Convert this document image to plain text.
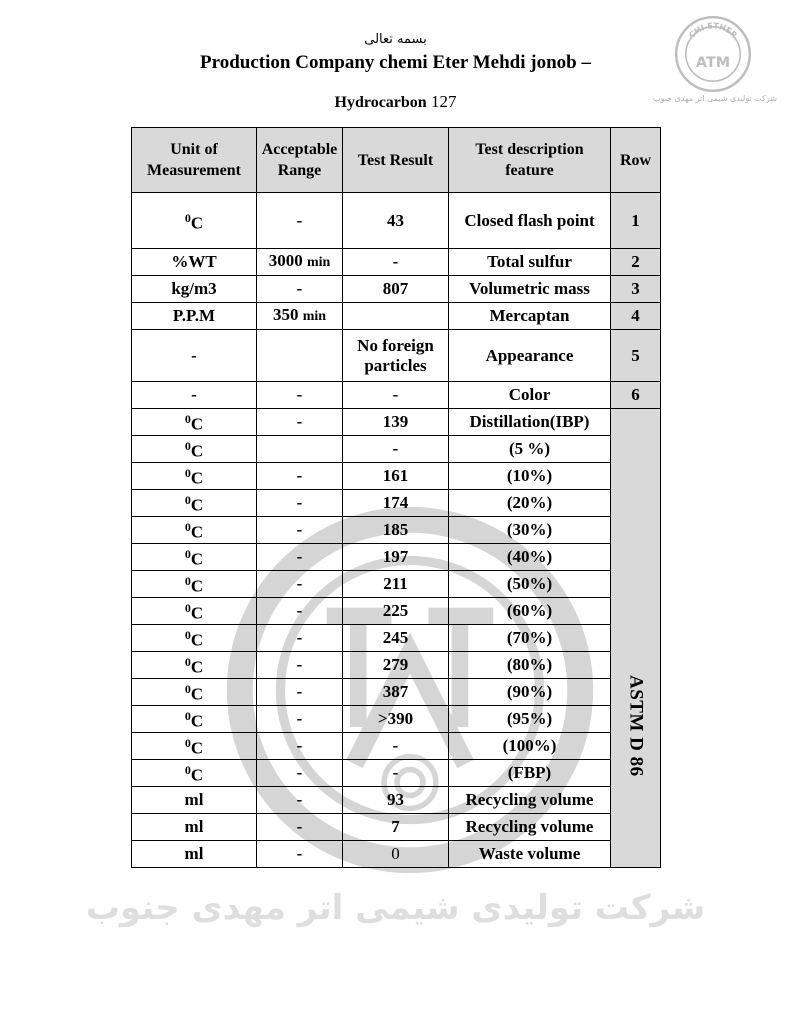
CHI ETHER
ATM
شرکت تولیدی شیمی اتر مهدی جنوب
بسمه تعالی
Production Company chemi Eter Mehdi jonob –
Hydrocarbon 127
Unit of Measurement	Acceptable Range	Test Result	Test description feature	Row
$^0$C	-	43	Closed flash point	1
%WT	3000 min	-	Total sulfur	2
kg/m3	-	807	Volumetric mass	3
P.P.M	350 min		Mercaptan	4
-		No foreign particles	Appearance	5
-	-	-	Color	6
$^0$C	-	139	Distillation(IBP)	ASTM D 86

$^0$C		-	(5 %)	
$^0$C	-	161	(10%)	
$^0$C	-	174	(20%)	
$^0$C	-	185	(30%)	
$^0$C	-	197	(40%)	
$^0$C	-	211	(50%)	
$^0$C	-	225	(60%)	
$^0$C	-	245	(70%)	
$^0$C	-	279	(80%)	
$^0$C	-	387	(90%)	
$^0$C	-	>390	(95%)	
$^0$C	-	-	(100%)	
$^0$C	-	-	(FBP)	
ml	-	93	Recycling volume	
ml	-	7	Recycling volume	
ml	-	0	Waste volume	
شرکت تولیدی شیمی اتر مهدی جنوب
